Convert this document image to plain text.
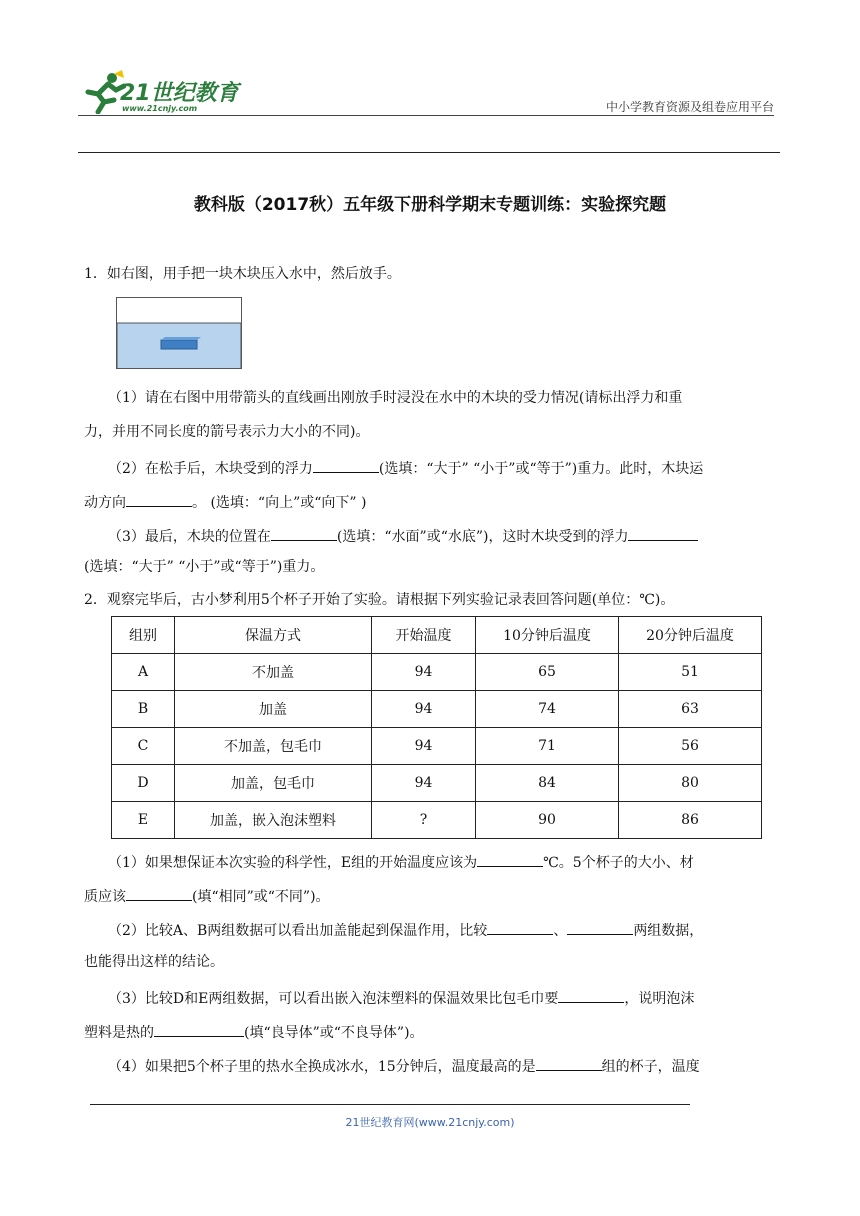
21世纪教育
www.21cnjy.com	中小学教育资源及组卷应用平台
教科版（2017秋）五年级下册科学期末专题训练：实验探究题
1．如右图，用手把一块木块压入水中，然后放手。
（1）请在右图中用带箭头的直线画出刚放手时浸没在水中的木块的受力情况(请标出浮力和重
力，并用不同长度的箭号表示力大小的不同)。
（2）在松手后，木块受到的浮力	(选填：“大于” “小于”或“等于”)重力。此时，木块运
动方向	。 (选填：“向上”或“向下” )
（3）最后，木块的位置在	(选填：“水面”或“水底”)，这时木块受到的浮力
(选填：“大于” “小于”或“等于”)重力。
2．观察完毕后，古小梦利用5个杯子开始了实验。请根据下列实验记录表回答问题(单位：℃)。
组别	保温方式	开始温度	10分钟后温度	20分钟后温度
A	不加盖	94	65	51
B	加盖	94	74	63
C	不加盖，包毛巾	94	71	56
D	加盖，包毛巾	94	84	80
E	加盖，嵌入泡沫塑料	?	90	86
（1）如果想保证本次实验的科学性，E组的开始温度应该为	℃。5个杯子的大小、材
质应该	(填“相同”或“不同”)。
（2）比较A、B两组数据可以看出加盖能起到保温作用，比较	、	两组数据，
也能得出这样的结论。
（3）比较D和E两组数据，可以看出嵌入泡沫塑料的保温效果比包毛巾要	，说明泡沫
塑料是热的	(填“良导体”或“不良导体”)。
（4）如果把5个杯子里的热水全换成冰水，15分钟后，温度最高的是	组的杯子，温度
21世纪教育网(www.21cnjy.com)
